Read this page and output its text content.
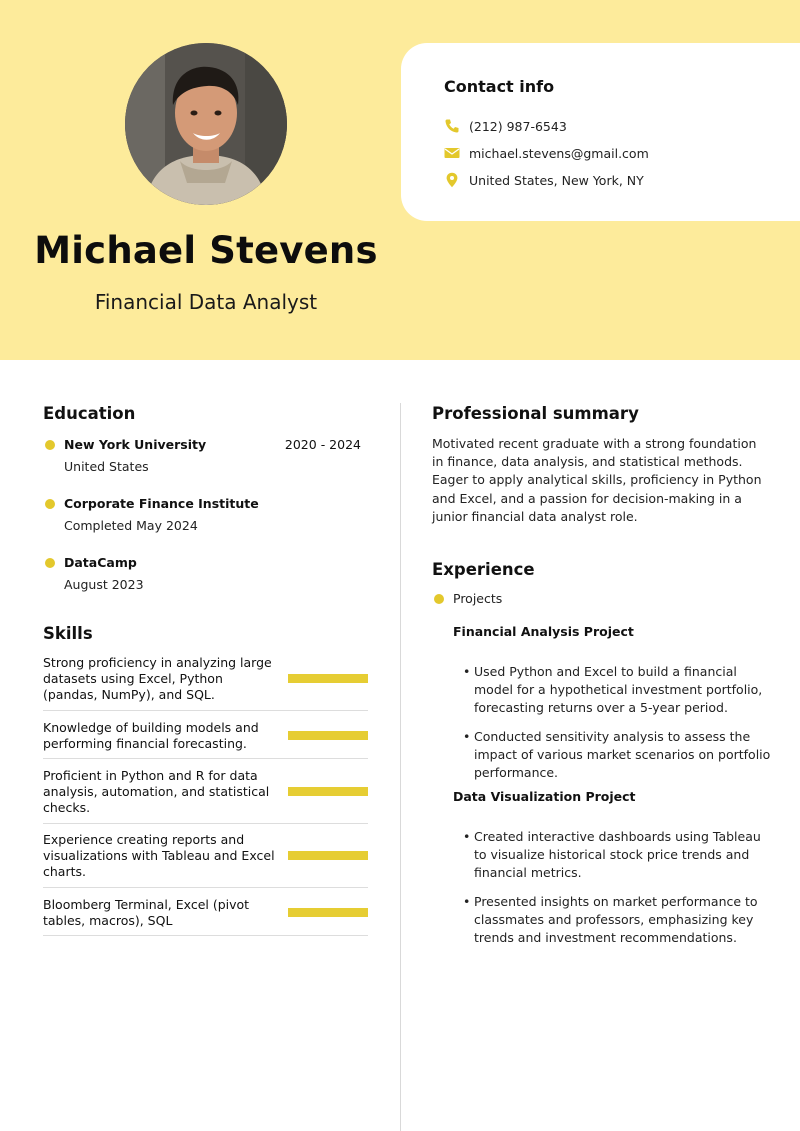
Michael Stevens
Financial Data Analyst
Contact info
(212) 987-6543
michael.stevens@gmail.com
United States, New York, NY
Education
New York University	2020 - 2024
United States
Corporate Finance Institute
Completed May 2024
DataCamp
August 2023
Skills
Strong proficiency in analyzing large datasets using Excel, Python (pandas, NumPy), and SQL.
Knowledge of building models and performing financial forecasting.
Proficient in Python and R for data analysis, automation, and statistical checks.
Experience creating reports and visualizations with Tableau and Excel charts.
Bloomberg Terminal, Excel (pivot tables, macros), SQL
Professional summary
Motivated recent graduate with a strong foundation in finance, data analysis, and statistical methods. Eager to apply analytical skills, proficiency in Python and Excel, and a passion for decision-making in a junior financial data analyst role.
Experience
Projects
Financial Analysis Project
• Used Python and Excel to build a financial model for a hypothetical investment portfolio, forecasting returns over a 5-year period.
• Conducted sensitivity analysis to assess the impact of various market scenarios on portfolio performance.
Data Visualization Project
• Created interactive dashboards using Tableau to visualize historical stock price trends and financial metrics.
• Presented insights on market performance to classmates and professors, emphasizing key trends and investment recommendations.
